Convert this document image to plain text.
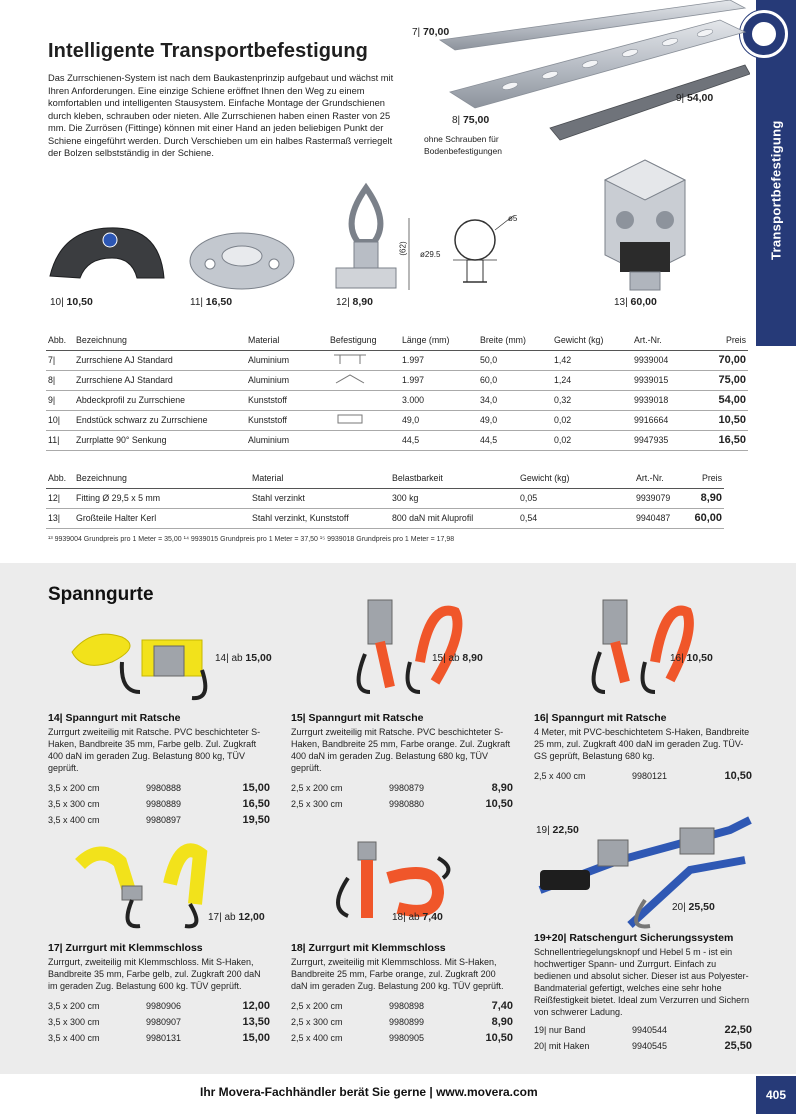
Transportbefestigung
Intelligente Transportbefestigung
Das Zurrschienen-System ist nach dem Baukastenprinzip aufgebaut und wächst mit Ihren Anforderungen. Eine einzige Schiene eröffnet Ihnen den Weg zu einem komfortablen und intelligenten Stausystem. Einfache Montage der Grundschienen durch kleben, schrauben oder nieten. Alle Zurrschienen haben einen Raster von 25 mm. Die Zurrösen (Fittinge) können mit einer Hand an jeden beliebigen Punkt der Schiene eingeführt werden. Durch Verschieben um ein halbes Rastermaß verriegelt der Bolzen selbstständig in der Schiene.
7| 70,00
8| 75,00
9| 54,00
ohne Schrauben für Bodenbefestigungen
13| 60,00
10| 10,50	11| 16,50	12| 8,90
(62) ø29.5
ø5
Abb.	Bezeichnung	Material	Befestigung	Länge (mm)	Breite (mm)	Gewicht (kg)	Art.-Nr.	Preis
7|	Zurrschiene AJ Standard	Aluminium		1.997	50,0	1,42	9939004	70,00
8|	Zurrschiene AJ Standard	Aluminium		1.997	60,0	1,24	9939015	75,00
9|	Abdeckprofil zu Zurrschiene	Kunststoff		3.000	34,0	0,32	9939018	54,00
10|	Endstück schwarz zu Zurrschiene	Kunststoff		49,0	49,0	0,02	9916664	10,50
11|	Zurrplatte 90° Senkung	Aluminium		44,5	44,5	0,02	9947935	16,50
Abb.	Bezeichnung	Material	Belastbarkeit	Gewicht (kg)	Art.-Nr.	Preis
12|	Fitting Ø 29,5 x 5 mm	Stahl verzinkt	300 kg	0,05	9939079	8,90
13|	Großteile Halter Kerl	Stahl verzinkt, Kunststoff	800 daN mit Aluprofil	0,54	9940487	60,00
¹³ 9939004 Grundpreis pro 1 Meter = 35,00 ¹⁴ 9939015 Grundpreis pro 1 Meter = 37,50 ¹⁵ 9939018 Grundpreis pro 1 Meter = 17,98
Spanngurte
14| ab 15,00	15| ab 8,90	16| 10,50
14| Spanngurt mit Ratsche
Zurrgurt zweiteilig mit Ratsche. PVC beschichteter S-Haken, Bandbreite 35 mm, Farbe gelb. Zul. Zugkraft 400 daN im geraden Zug. Belastung 800 kg, TÜV geprüft.
3,5 x 200 cm	9980888	15,00
3,5 x 300 cm	9980889	16,50
3,5 x 400 cm	9980897	19,50
15| Spanngurt mit Ratsche
Zurrgurt zweiteilig mit Ratsche. PVC beschichteter S-Haken, Bandbreite 25 mm, Farbe orange. Zul. Zugkraft 400 daN im geraden Zug. Belastung 680 kg, TÜV geprüft.
2,5 x 200 cm	9980879	8,90
2,5 x 300 cm	9980880	10,50
16| Spanngurt mit Ratsche
4 Meter, mit PVC-beschichtetem S-Haken, Bandbreite 25 mm, zul. Zugkraft 400 daN im geraden Zug. TÜV-GS geprüft, Belastung 680 kg.
2,5 x 400 cm	9980121	10,50
17| ab 12,00	18| ab 7,40
19| 22,50
20| 25,50
17| Zurrgurt mit Klemmschloss
Zurrgurt, zweiteilig mit Klemmschloss. Mit S-Haken, Bandbreite 35 mm, Farbe gelb, zul. Zugkraft 200 daN im geraden Zug. Belastung 600 kg. TÜV geprüft.
3,5 x 200 cm	9980906	12,00
3,5 x 300 cm	9980907	13,50
3,5 x 400 cm	9980131	15,00
18| Zurrgurt mit Klemmschloss
Zurrgurt, zweiteilig mit Klemmschloss. Mit S-Haken, Bandbreite 25 mm, Farbe orange, zul. Zugkraft 200 daN im geraden Zug. Belastung 200 kg. TÜV geprüft.
2,5 x 200 cm	9980898	7,40
2,5 x 300 cm	9980899	8,90
2,5 x 400 cm	9980905	10,50
19+20| Ratschengurt Sicherungssystem
Schnellentriegelungsknopf und Hebel 5 m - ist ein hochwertiger Spann- und Zurrgurt. Einfach zu bedienen und absolut sicher. Dieser ist aus Polyester-Bandmaterial gefertigt, welches eine sehr hohe Reißfestigkeit bietet. Ideal zum Verzurren und Sichern von schwerer Ladung.
19| nur Band	9940544	22,50
20| mit Haken	9940545	25,50
Ihr Movera-Fachhändler berät Sie gerne | www.movera.com	405
